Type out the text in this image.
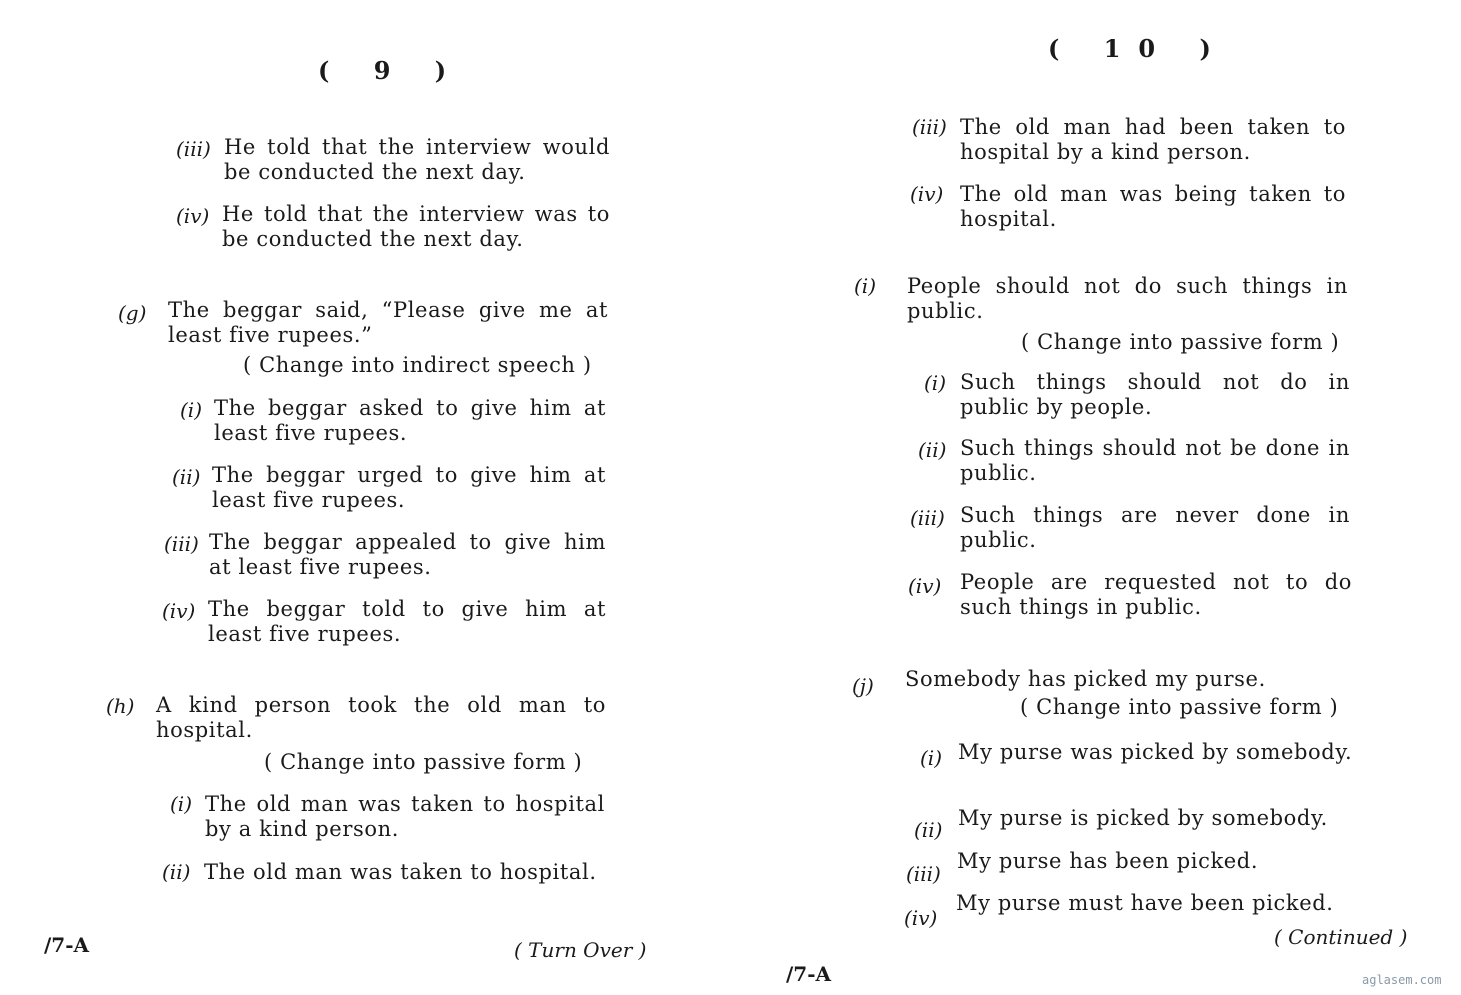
( 9 )
(iii) He told that the interview would be conducted the next day.
(iv) He told that the interview was to be conducted the next day.
(g) The beggar said, “Please give me at least five rupees.”
( Change into indirect speech )
(i) The beggar asked to give him at least five rupees.
(ii) The beggar urged to give him at least five rupees.
(iii) The beggar appealed to give him at least five rupees.
(iv) The beggar told to give him at least five rupees.
(h) A kind person took the old man to hospital.
( Change into passive form )
(i) The old man was taken to hospital by a kind person.
(ii) The old man was taken to hospital.
/7-A	( Turn Over )
( 10 )
(iii) The old man had been taken to hospital by a kind person.
(iv) The old man was being taken to hospital.
(i) People should not do such things in public.
( Change into passive form )
(i) Such things should not do in public by people.
(ii) Such things should not be done in public.
(iii) Such things are never done in public.
(iv) People are requested not to do such things in public.
(j) Somebody has picked my purse.
( Change into passive form )
(i) My purse was picked by somebody.
(ii) My purse is picked by somebody.
(iii)
My purse has been picked.
(iv)
My purse must have been picked.
/7-A
( Continued )
aglasem.com
